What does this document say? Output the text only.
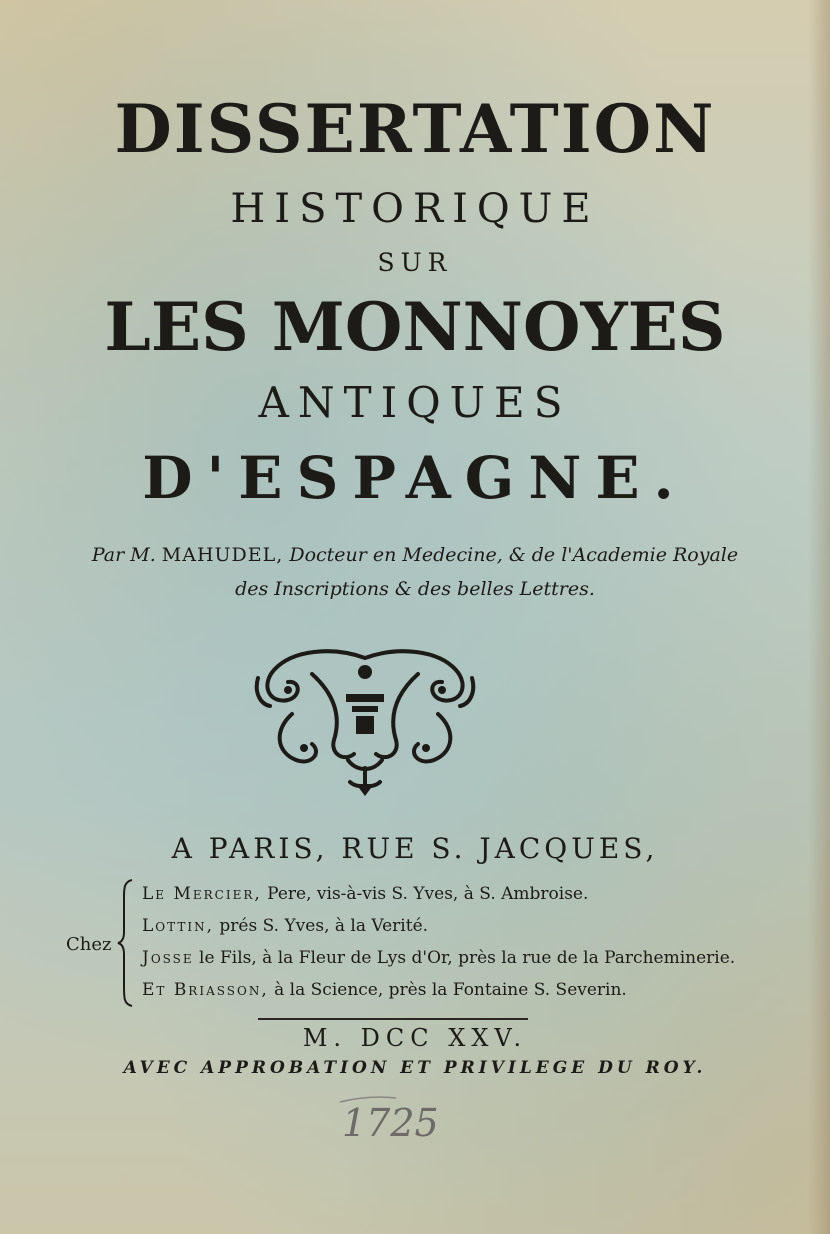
DISSERTATION
HISTORIQUE
SUR
LES MONNOYES
ANTIQUES
D'ESPAGNE.
Par M. MAHUDEL, Docteur en Medecine, & de l'Academie Royale
des Inscriptions & des belles Lettres.
A PARIS, RUE S. JACQUES,
Chez
Le Mercier, Pere, vis-à-vis S. Yves, à S. Ambroise.
Lottin, prés S. Yves, à la Verité.
Josse le Fils, à la Fleur de Lys d'Or, près la rue de la Parcheminerie.
Et Briasson, à la Science, près la Fontaine S. Severin.
M. DCC XXV.
AVEC APPROBATION ET PRIVILEGE DU ROY.
1725
